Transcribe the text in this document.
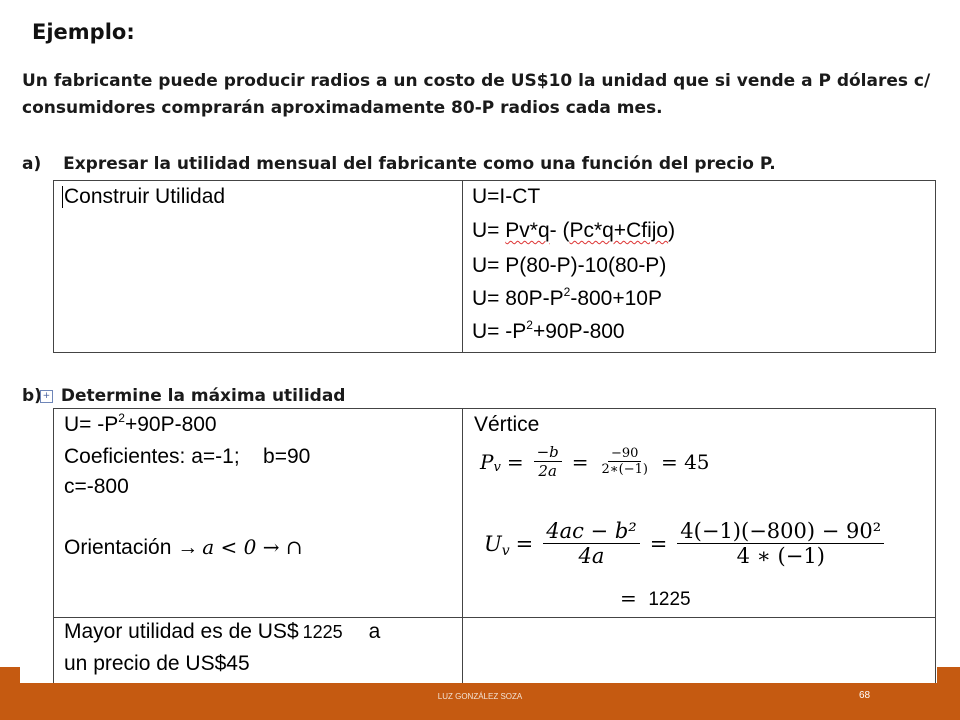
Ejemplo:
Un fabricante puede producir radios a un costo de US$10 la unidad que si vende a P dólares c/
consumidores comprarán aproximadamente 80-P radios cada mes.
a) Expresar la utilidad mensual del fabricante como una función del precio P.
Construir Utilidad	U=I-CT
U= Pv*q- (Pc*q+Cfijo)
U= P(80-P)-10(80-P)
$U= 80P-P^2-800+10P$
$U= -P^2+90P-800$
b)+ Determine la máxima utilidad
$U= -P^2+90P-800$
Coeficientes: a=-1;    b=90
c=-800
Orientación → a < 0 → ∩
Vértice
P $v = \frac{-b}{2a} = \frac{-90}{2∗(-1)} = 45$
U $v = \frac{\text{4ac − b²}}{4a} = \frac{\text{4(−1)(−800) − 90²}}{4 ∗ (-1)}$
= 1225
Mayor utilidad es de US$ 1225 a
un precio de US$45
LUZ GONZÁLEZ SOZA	68
